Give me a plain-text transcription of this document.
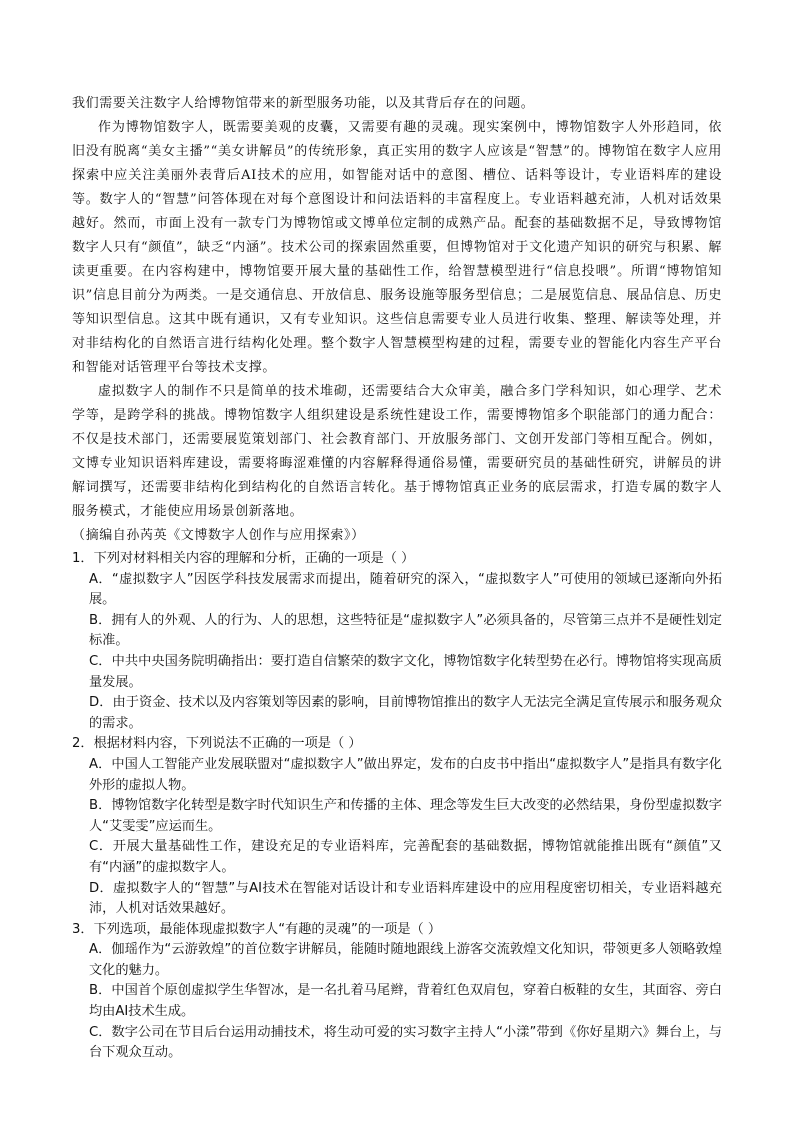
我们需要关注数字人给博物馆带来的新型服务功能，以及其背后存在的问题。

作为博物馆数字人，既需要美观的皮囊，又需要有趣的灵魂。现实案例中，博物馆数字人外形趋同，依旧没有脱离“美女主播”“美女讲解员”的传统形象，真正实用的数字人应该是“智慧”的。博物馆在数字人应用探索中应关注美丽外表背后AI技术的应用，如智能对话中的意图、槽位、话料等设计，专业语料库的建设等。数字人的“智慧”问答体现在对每个意图设计和问法语料的丰富程度上。专业语料越充沛，人机对话效果越好。然而，市面上没有一款专门为博物馆或文博单位定制的成熟产品。配套的基础数据不足，导致博物馆数字人只有“颜值”，缺乏“内涵”。技术公司的探索固然重要，但博物馆对于文化遗产知识的研究与积累、解读更重要。在内容构建中，博物馆要开展大量的基础性工作，给智慧模型进行“信息投喂”。所谓“博物馆知识”信息目前分为两类。一是交通信息、开放信息、服务设施等服务型信息；二是展览信息、展品信息、历史等知识型信息。这其中既有通识，又有专业知识。这些信息需要专业人员进行收集、整理、解读等处理，并对非结构化的自然语言进行结构化处理。整个数字人智慧模型构建的过程，需要专业的智能化内容生产平台和智能对话管理平台等技术支撑。

虚拟数字人的制作不只是简单的技术堆砌，还需要结合大众审美，融合多门学科知识，如心理学、艺术学等，是跨学科的挑战。博物馆数字人组织建设是系统性建设工作，需要博物馆多个职能部门的通力配合：不仅是技术部门，还需要展览策划部门、社会教育部门、开放服务部门、文创开发部门等相互配合。例如，文博专业知识语料库建设，需要将晦涩难懂的内容解释得通俗易懂，需要研究员的基础性研究，讲解员的讲解词撰写，还需要非结构化到结构化的自然语言转化。基于博物馆真正业务的底层需求，打造专属的数字人服务模式，才能使应用场景创新落地。

（摘编自孙芮英《文博数字人创作与应用探索》）

1．下列对材料相关内容的理解和分析，正确的一项是（ ）

A．“虚拟数字人”因医学科技发展需求而提出，随着研究的深入，“虚拟数字人”可使用的领域已逐渐向外拓展。

B．拥有人的外观、人的行为、人的思想，这些特征是“虚拟数字人”必须具备的，尽管第三点并不是硬性划定标准。

C．中共中央国务院明确指出：要打造自信繁荣的数字文化，博物馆数字化转型势在必行。博物馆将实现高质量发展。

D．由于资金、技术以及内容策划等因素的影响，目前博物馆推出的数字人无法完全满足宣传展示和服务观众的需求。

2．根据材料内容，下列说法不正确的一项是（ ）

A．中国人工智能产业发展联盟对“虚拟数字人”做出界定，发布的白皮书中指出“虚拟数字人”是指具有数字化外形的虚拟人物。

B．博物馆数字化转型是数字时代知识生产和传播的主体、理念等发生巨大改变的必然结果，身份型虚拟数字人“艾雯雯”应运而生。

C．开展大量基础性工作，建设充足的专业语料库，完善配套的基础数据，博物馆就能推出既有“颜值”又有“内涵”的虚拟数字人。

D．虚拟数字人的“智慧”与AI技术在智能对话设计和专业语料库建设中的应用程度密切相关，专业语料越充沛，人机对话效果越好。

3．下列选项，最能体现虚拟数字人“有趣的灵魂”的一项是（ ）

A．伽瑶作为“云游敦煌”的首位数字讲解员，能随时随地跟线上游客交流敦煌文化知识，带领更多人领略敦煌文化的魅力。

B．中国首个原创虚拟学生华智冰，是一名扎着马尾辫，背着红色双肩包，穿着白板鞋的女生，其面容、旁白均由AI技术生成。

C．数字公司在节目后台运用动捕技术，将生动可爱的实习数字主持人“小漾”带到《你好星期六》舞台上，与台下观众互动。
